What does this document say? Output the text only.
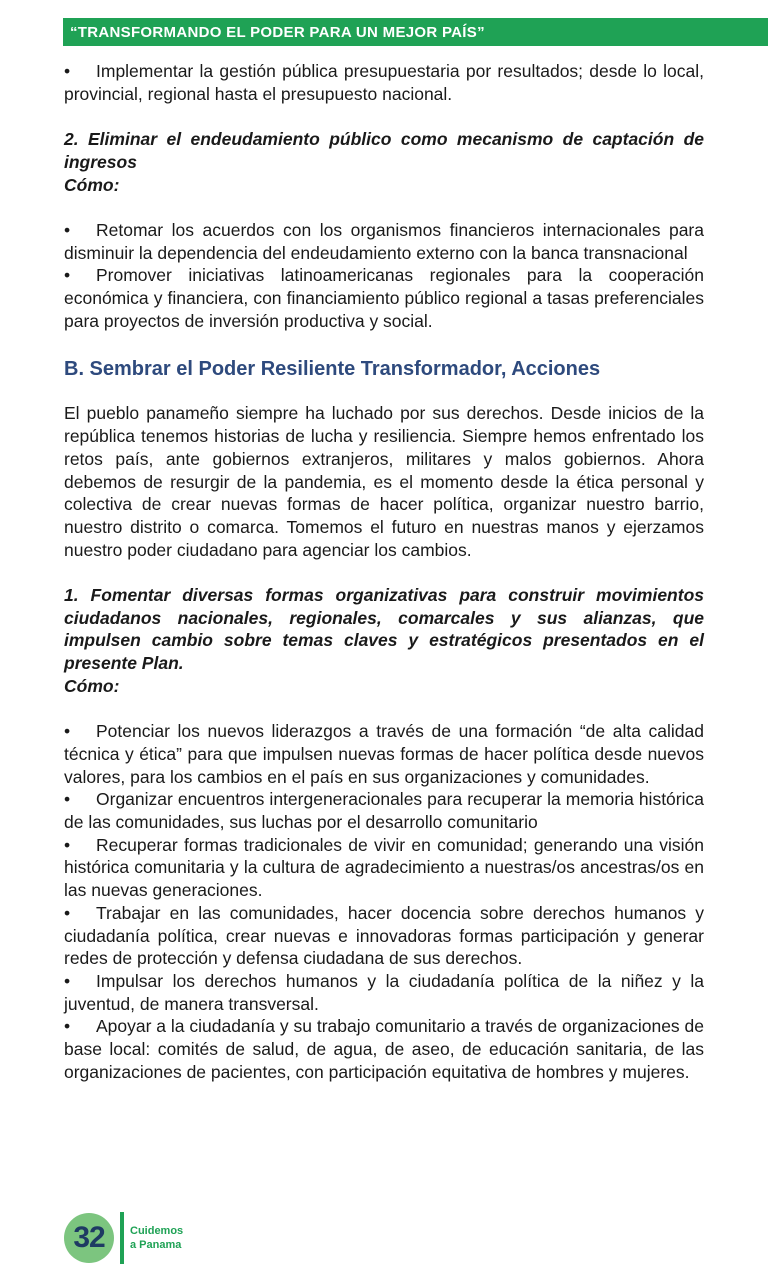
“TRANSFORMANDO EL PODER PARA UN MEJOR PAÍS”

• Implementar la gestión pública presupuestaria por resultados; desde lo local, provincial, regional hasta el presupuesto nacional.

2. Eliminar el endeudamiento público como mecanismo de captación de ingresos

Cómo:

• Retomar los acuerdos con los organismos financieros internacionales para disminuir la dependencia del endeudamiento externo con la banca transnacional

• Promover iniciativas latinoamericanas regionales para la cooperación económica y financiera, con financiamiento público regional a tasas preferenciales para proyectos de inversión productiva y social.

B. Sembrar el Poder Resiliente Transformador, Acciones

El pueblo panameño siempre ha luchado por sus derechos. Desde inicios de la república tenemos historias de lucha y resiliencia. Siempre hemos enfrentado los retos país, ante gobiernos extranjeros, militares y malos gobiernos. Ahora debemos de resurgir de la pandemia, es el momento desde la ética personal y colectiva de crear nuevas formas de hacer política, organizar nuestro barrio, nuestro distrito o comarca. Tomemos el futuro en nuestras manos y ejerzamos nuestro poder ciudadano para agenciar los cambios.

1. Fomentar diversas formas organizativas para construir movimientos ciudadanos nacionales, regionales, comarcales y sus alianzas, que impulsen cambio sobre temas claves y estratégicos presentados en el presente Plan.

Cómo:

• Potenciar los nuevos liderazgos a través de una formación “de alta calidad técnica y ética” para que impulsen nuevas formas de hacer política desde nuevos valores, para los cambios en el país en sus organizaciones y comunidades.

• Organizar encuentros intergeneracionales para recuperar la memoria histórica de las comunidades, sus luchas por el desarrollo comunitario

• Recuperar formas tradicionales de vivir en comunidad; generando una visión histórica comunitaria y la cultura de agradecimiento a nuestras/os ancestras/os en las nuevas generaciones.

• Trabajar en las comunidades, hacer docencia sobre derechos humanos y ciudadanía política, crear nuevas e innovadoras formas participación y generar redes de protección y defensa ciudadana de sus derechos.

• Impulsar los derechos humanos y la ciudadanía política de la niñez y la juventud, de manera transversal.

• Apoyar a la ciudadanía y su trabajo comunitario a través de organizaciones de base local: comités de salud, de agua, de aseo, de educación sanitaria, de las organizaciones de pacientes, con participación equitativa de hombres y mujeres.

32 Cuidemos
a Panama
